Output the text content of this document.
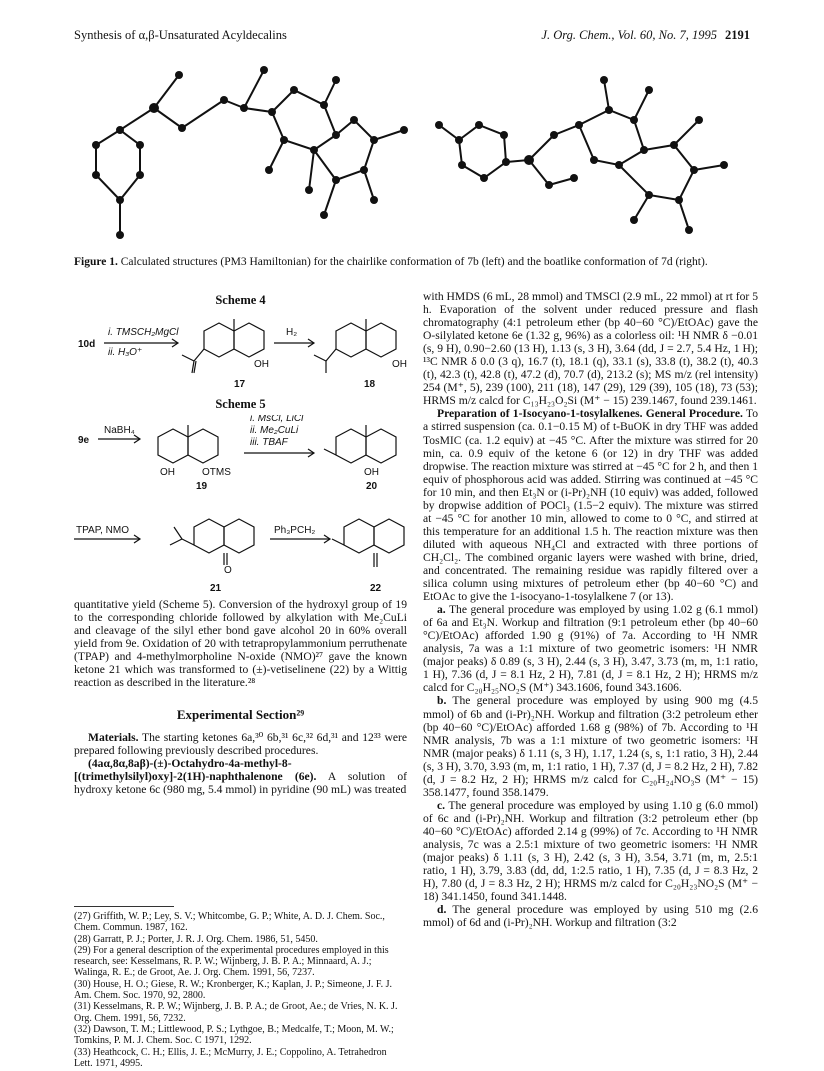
Synthesis of α,β-Unsaturated Acyldecalins	J. Org. Chem., Vol. 60, No. 7, 1995 2191
Figure 1. Calculated structures (PM3 Hamiltonian) for the chairlike conformation of 7b (left) and the boatlike conformation of 7d (right).
Scheme 4
10d
i. TMSCH₂MgCl
ii. H₃O⁺
H₂
OH	OH
17	18
Scheme 5
9e
NaBH₄
i. MsCl, LiCl
ii. Me₂CuLi
iii. TBAF
OH	OTMS	OH
19	20
TPAP, NMO	Ph₃PCH₂
O
21	22

quantitative yield (Scheme 5). Conversion of the hydroxyl group of 19 to the corresponding chloride followed by alkylation with Me₂CuLi and cleavage of the silyl ether bond gave alcohol 20 in 60% overall yield from 9e. Oxidation of 20 with tetrapropylammonium perruthenate (TPAP) and 4-methylmorpholine N-oxide (NMO)²⁷ gave the known ketone 21 which was transformed to (±)-vetiselinene (22) by a Wittig reaction as described in the literature.²⁸

Experimental Section²⁹

Materials. The starting ketones 6a,³⁰ 6b,³¹ 6c,³² 6d,³¹ and 12³³ were prepared following previously described procedures.

(4aα,8α,8aβ)-(±)-Octahydro-4a-methyl-8-[(trimethylsilyl)oxy]-2(1H)-naphthalenone (6e). A solution of hydroxy ketone 6c (980 mg, 5.4 mmol) in pyridine (90 mL) was treated

(27) Griffith, W. P.; Ley, S. V.; Whitcombe, G. P.; White, A. D. J. Chem. Soc., Chem. Commun. 1987, 162.

(28) Garratt, P. J.; Porter, J. R. J. Org. Chem. 1986, 51, 5450.

(29) For a general description of the experimental procedures employed in this research, see: Kesselmans, R. P. W.; Wijnberg, J. B. P. A.; Minnaard, A. J.; Walinga, R. E.; de Groot, Ae. J. Org. Chem. 1991, 56, 7237.

(30) House, H. O.; Giese, R. W.; Kronberger, K.; Kaplan, J. P.; Simeone, J. F. J. Am. Chem. Soc. 1970, 92, 2800.

(31) Kesselmans, R. P. W.; Wijnberg, J. B. P. A.; de Groot, Ae.; de Vries, N. K. J. Org. Chem. 1991, 56, 7232.

(32) Dawson, T. M.; Littlewood, P. S.; Lythgoe, B.; Medcalfe, T.; Moon, M. W.; Tomkins, P. M. J. Chem. Soc. C 1971, 1292.

(33) Heathcock, C. H.; Ellis, J. E.; McMurry, J. E.; Coppolino, A. Tetrahedron Lett. 1971, 4995.

with HMDS (6 mL, 28 mmol) and TMSCl (2.9 mL, 22 mmol) at rt for 5 h. Evaporation of the solvent under reduced pressure and flash chromatography (4:1 petroleum ether (bp 40−60 °C)/EtOAc) gave the O-silylated ketone 6e (1.32 g, 96%) as a colorless oil: ¹H NMR δ −0.01 (s, 9 H), 0.90−2.60 (13 H), 1.13 (s, 3 H), 3.64 (dd, J = 2.7, 5.4 Hz, 1 H); ¹³C NMR δ 0.0 (3 q), 16.7 (t), 18.1 (q), 33.1 (s), 33.8 (t), 38.2 (t), 40.3 (t), 42.3 (t), 42.8 (t), 47.2 (d), 70.7 (d), 213.2 (s); MS m/z (rel intensity) 254 (M⁺, 5), 239 (100), 211 (18), 147 (29), 129 (39), 105 (18), 73 (53); HRMS m/z calcd for C₁₃H₂₃O₂Si (M⁺ − 15) 239.1467, found 239.1461.

Preparation of 1-Isocyano-1-tosylalkenes. General Procedure. To a stirred suspension (ca. 0.1−0.15 M) of t-BuOK in dry THF was added TosMIC (ca. 1.2 equiv) at −45 °C. After the mixture was stirred for 20 min, ca. 0.9 equiv of the ketone 6 (or 12) in dry THF was added dropwise. The reaction mixture was stirred at −45 °C for 2 h, and then 1 equiv of phosphorous acid was added. Stirring was continued at −45 °C for 10 min, and then Et₃N or (i-Pr)₂NH (10 equiv) was added, followed by dropwise addition of POCl₃ (1.5−2 equiv). The mixture was stirred at −45 °C for another 10 min, allowed to come to 0 °C, and stirred at this temperature for an additional 1.5 h. The reaction mixture was then diluted with aqueous NH₄Cl and extracted with three portions of CH₂Cl₂. The combined organic layers were washed with brine, dried, and concentrated. The remaining residue was rapidly filtered over a silica column using mixtures of petroleum ether (bp 40−60 °C) and EtOAc to give the 1-isocyano-1-tosylalkene 7 (or 13).

a. The general procedure was employed by using 1.02 g (6.1 mmol) of 6a and Et₃N. Workup and filtration (9:1 petroleum ether (bp 40−60 °C)/EtOAc) afforded 1.90 g (91%) of 7a. According to ¹H NMR analysis, 7a was a 1:1 mixture of two geometric isomers: ¹H NMR (major peaks) δ 0.89 (s, 3 H), 2.44 (s, 3 H), 3.47, 3.73 (m, m, 1:1 ratio, 1 H), 7.36 (d, J = 8.1 Hz, 2 H), 7.81 (d, J = 8.1 Hz, 2 H); HRMS m/z calcd for C₂₀H₂₅NO₂S (M⁺) 343.1606, found 343.1606.

b. The general procedure was employed by using 900 mg (4.5 mmol) of 6b and (i-Pr)₂NH. Workup and filtration (3:2 petroleum ether (bp 40−60 °C)/EtOAc) afforded 1.68 g (98%) of 7b. According to ¹H NMR analysis, 7b was a 1:1 mixture of two geometric isomers: ¹H NMR (major peaks) δ 1.11 (s, 3 H), 1.17, 1.24 (s, s, 1:1 ratio, 3 H), 2.44 (s, 3 H), 3.70, 3.93 (m, m, 1:1 ratio, 1 H), 7.37 (d, J = 8.2 Hz, 2 H), 7.82 (d, J = 8.2 Hz, 2 H); HRMS m/z calcd for C₂₀H₂₄NO₃S (M⁺ − 15) 358.1477, found 358.1479.

c. The general procedure was employed by using 1.10 g (6.0 mmol) of 6c and (i-Pr)₂NH. Workup and filtration (3:2 petroleum ether (bp 40−60 °C)/EtOAc) afforded 2.14 g (99%) of 7c. According to ¹H NMR analysis, 7c was a 2.5:1 mixture of two geometric isomers: ¹H NMR (major peaks) δ 1.11 (s, 3 H), 2.42 (s, 3 H), 3.54, 3.71 (m, m, 2.5:1 ratio, 1 H), 3.79, 3.83 (dd, dd, 1:2.5 ratio, 1 H), 7.35 (d, J = 8.3 Hz, 2 H), 7.80 (d, J = 8.3 Hz, 2 H); HRMS m/z calcd for C₂₀H₂₃NO₂S (M⁺ − 18) 341.1450, found 341.1448.

d. The general procedure was employed by using 510 mg (2.6 mmol) of 6d and (i-Pr)₂NH. Workup and filtration (3:2
